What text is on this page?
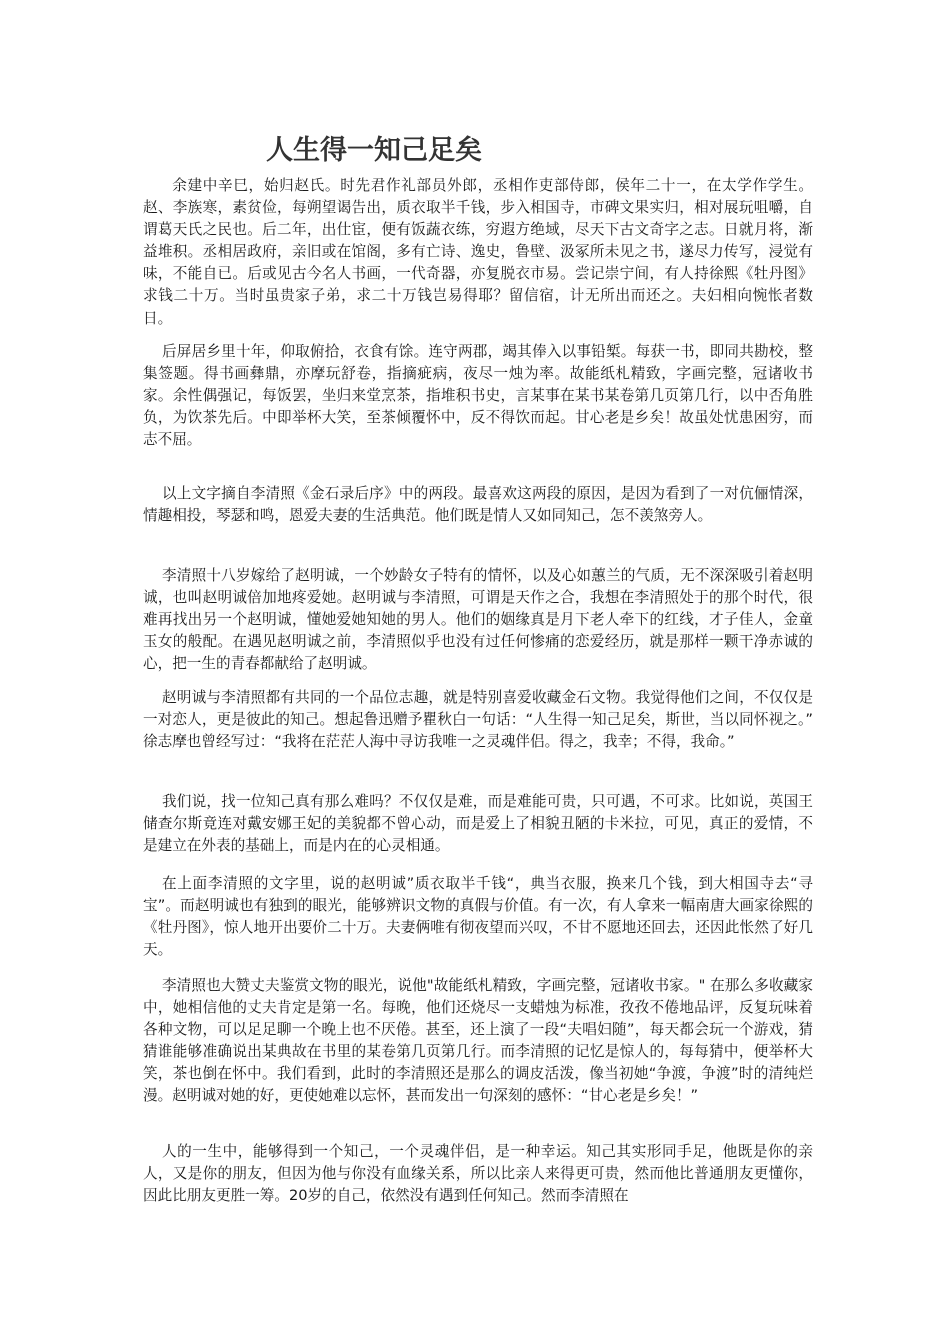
人生得一知己足矣

余建中辛巳，始归赵氏。时先君作礼部员外郎，丞相作吏部侍郎，侯年二十一，在太学作学生。赵、李族寒，素贫俭，每朔望谒告出，质衣取半千钱，步入相国寺，市碑文果实归，相对展玩咀嚼，自谓葛天氏之民也。后二年，出仕宦，便有饭蔬衣练，穷遐方绝域，尽天下古文奇字之志。日就月将，渐益堆积。丞相居政府，亲旧或在馆阁，多有亡诗、逸史，鲁壁、汲冢所未见之书，遂尽力传写，浸觉有味，不能自已。后或见古今名人书画，一代奇器，亦复脱衣市易。尝记崇宁间，有人持徐熙《牡丹图》求钱二十万。当时虽贵家子弟，求二十万钱岂易得耶？留信宿，计无所出而还之。夫妇相向惋怅者数日。

后屏居乡里十年，仰取俯拾，衣食有馀。连守两郡，竭其俸入以事铅椠。每获一书，即同共勘校，整集签题。得书画彝鼎，亦摩玩舒卷，指摘疵病，夜尽一烛为率。故能纸札精致，字画完整，冠诸收书家。余性偶强记，每饭罢，坐归来堂烹茶，指堆积书史，言某事在某书某卷第几页第几行，以中否角胜负，为饮茶先后。中即举杯大笑，至茶倾覆怀中，反不得饮而起。甘心老是乡矣！故虽处忧患困穷，而志不屈。

以上文字摘自李清照《金石录后序》中的两段。最喜欢这两段的原因，是因为看到了一对伉俪情深，情趣相投，琴瑟和鸣，恩爱夫妻的生活典范。他们既是情人又如同知己，怎不羡煞旁人。

李清照十八岁嫁给了赵明诚，一个妙龄女子特有的情怀，以及心如蕙兰的气质，无不深深吸引着赵明诚，也叫赵明诚倍加地疼爱她。赵明诚与李清照，可谓是天作之合，我想在李清照处于的那个时代，很难再找出另一个赵明诚，懂她爱她知她的男人。他们的姻缘真是月下老人牵下的红线，才子佳人，金童玉女的般配。在遇见赵明诚之前，李清照似乎也没有过任何惨痛的恋爱经历，就是那样一颗干净赤诚的心，把一生的青春都献给了赵明诚。

赵明诚与李清照都有共同的一个品位志趣，就是特别喜爱收藏金石文物。我觉得他们之间，不仅仅是一对恋人，更是彼此的知己。想起鲁迅赠予瞿秋白一句话：“人生得一知己足矣，斯世，当以同怀视之。” 徐志摩也曾经写过：“我将在茫茫人海中寻访我唯一之灵魂伴侣。得之，我幸；不得，我命。”

我们说，找一位知己真有那么难吗？不仅仅是难，而是难能可贵，只可遇，不可求。比如说，英国王储查尔斯竟连对戴安娜王妃的美貌都不曾心动，而是爱上了相貌丑陋的卡米拉，可见，真正的爱情，不是建立在外表的基础上，而是内在的心灵相通。

在上面李清照的文字里，说的赵明诚”质衣取半千钱“，典当衣服，换来几个钱，到大相国寺去“寻宝”。而赵明诚也有独到的眼光，能够辨识文物的真假与价值。有一次，有人拿来一幅南唐大画家徐熙的《牡丹图》，惊人地开出要价二十万。夫妻俩唯有彻夜望而兴叹，不甘不愿地还回去，还因此怅然了好几天。

李清照也大赞丈夫鉴赏文物的眼光，说他"故能纸札精致，字画完整，冠诸收书家。" 在那么多收藏家中，她相信他的丈夫肯定是第一名。每晚，他们还烧尽一支蜡烛为标准，孜孜不倦地品评，反复玩味着各种文物，可以足足聊一个晚上也不厌倦。甚至，还上演了一段“夫唱妇随”，每天都会玩一个游戏，猜猜谁能够准确说出某典故在书里的某卷第几页第几行。而李清照的记忆是惊人的，每每猜中，便举杯大笑，茶也倒在怀中。我们看到，此时的李清照还是那么的调皮活泼，像当初她“争渡，争渡”时的清纯烂漫。赵明诚对她的好，更使她难以忘怀，甚而发出一句深刻的感怀：“甘心老是乡矣！”

人的一生中，能够得到一个知己，一个灵魂伴侣，是一种幸运。知己其实形同手足，他既是你的亲人，又是你的朋友，但因为他与你没有血缘关系，所以比亲人来得更可贵，然而他比普通朋友更懂你，因此比朋友更胜一筹。20岁的自己，依然没有遇到任何知己。然而李清照在
